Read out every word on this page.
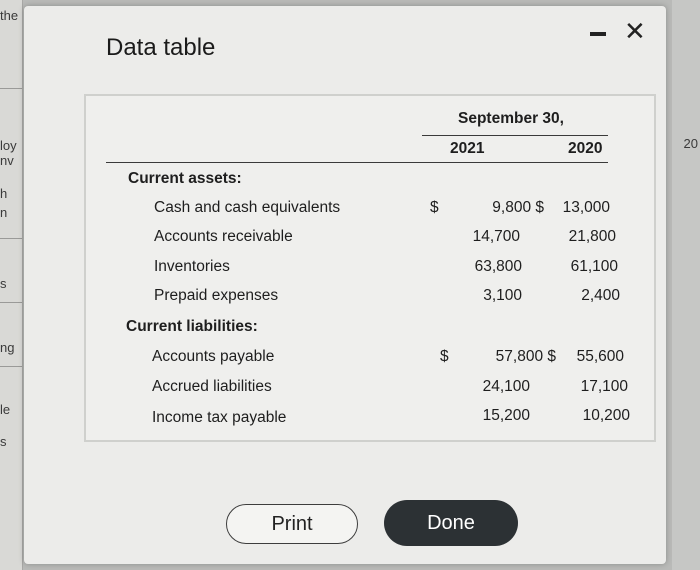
the
loy
nv
h
n
s
ng
le
s
20
Data table
✕
September 30,
2021	2020
Current assets:
Cash and cash equivalents	$	9,800 $	13,000
Accounts receivable	14,700	21,800
Inventories	63,800	61,100
Prepaid expenses	3,100	2,400
Current liabilities:
Accounts payable	$	57,800 $	55,600
Accrued liabilities	24,100	17,100
Income tax payable	15,200	10,200
Print	Done
